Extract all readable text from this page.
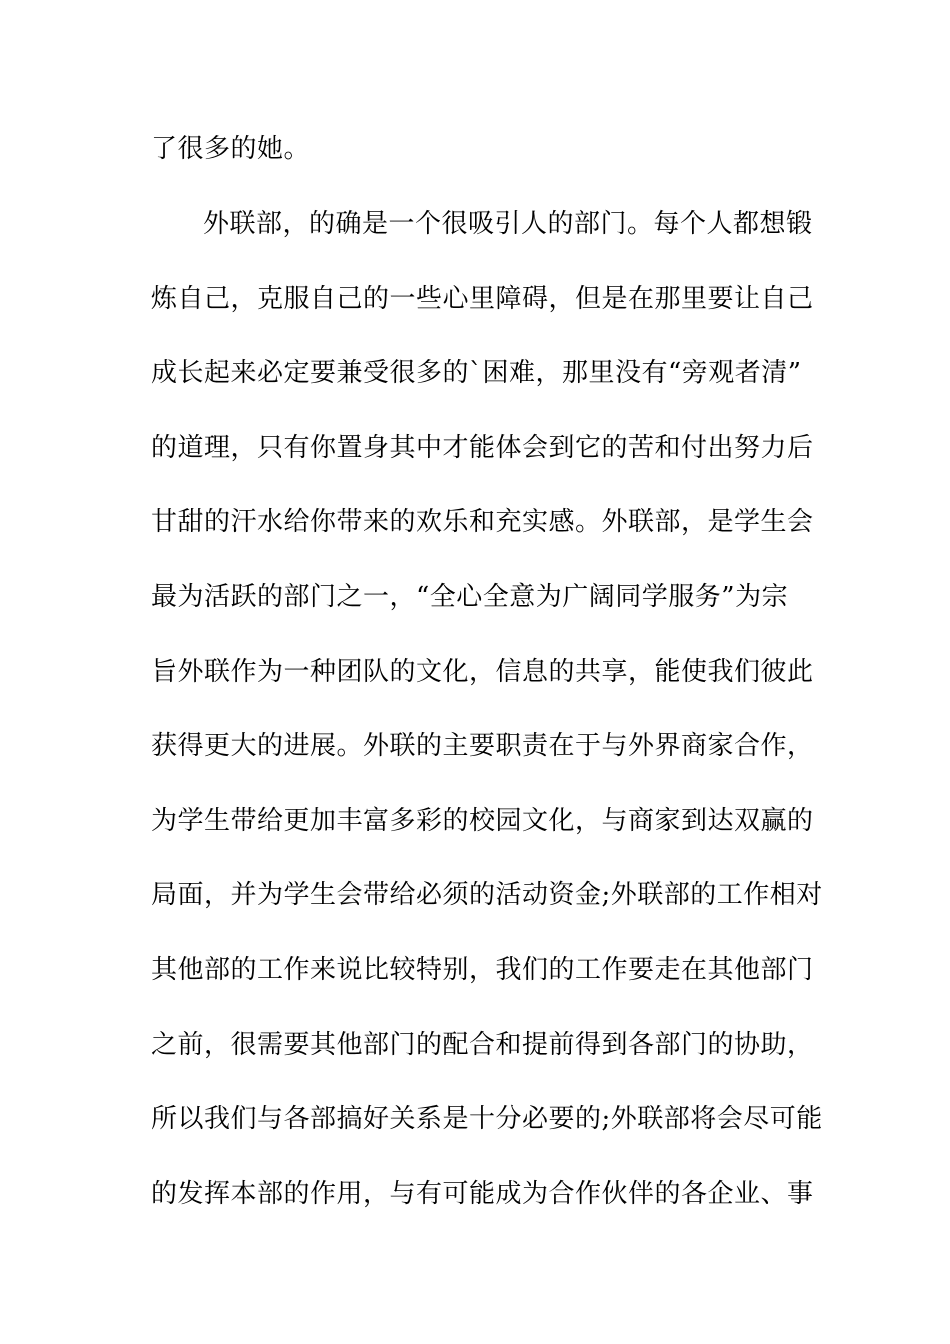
了很多的她。
外联部，的确是一个很吸引人的部门。每个人都想锻
炼自己，克服自己的一些心里障碍，但是在那里要让自己
成长起来必定要兼受很多的`困难，那里没有“旁观者清”
的道理，只有你置身其中才能体会到它的苦和付出努力后
甘甜的汗水给你带来的欢乐和充实感。外联部，是学生会
最为活跃的部门之一，“全心全意为广阔同学服务”为宗
旨外联作为一种团队的文化，信息的共享，能使我们彼此
获得更大的进展。外联的主要职责在于与外界商家合作，
为学生带给更加丰富多彩的校园文化，与商家到达双赢的
局面，并为学生会带给必须的活动资金;外联部的工作相对
其他部的工作来说比较特别，我们的工作要走在其他部门
之前，很需要其他部门的配合和提前得到各部门的协助，
所以我们与各部搞好关系是十分必要的;外联部将会尽可能
的发挥本部的作用，与有可能成为合作伙伴的各企业、事
